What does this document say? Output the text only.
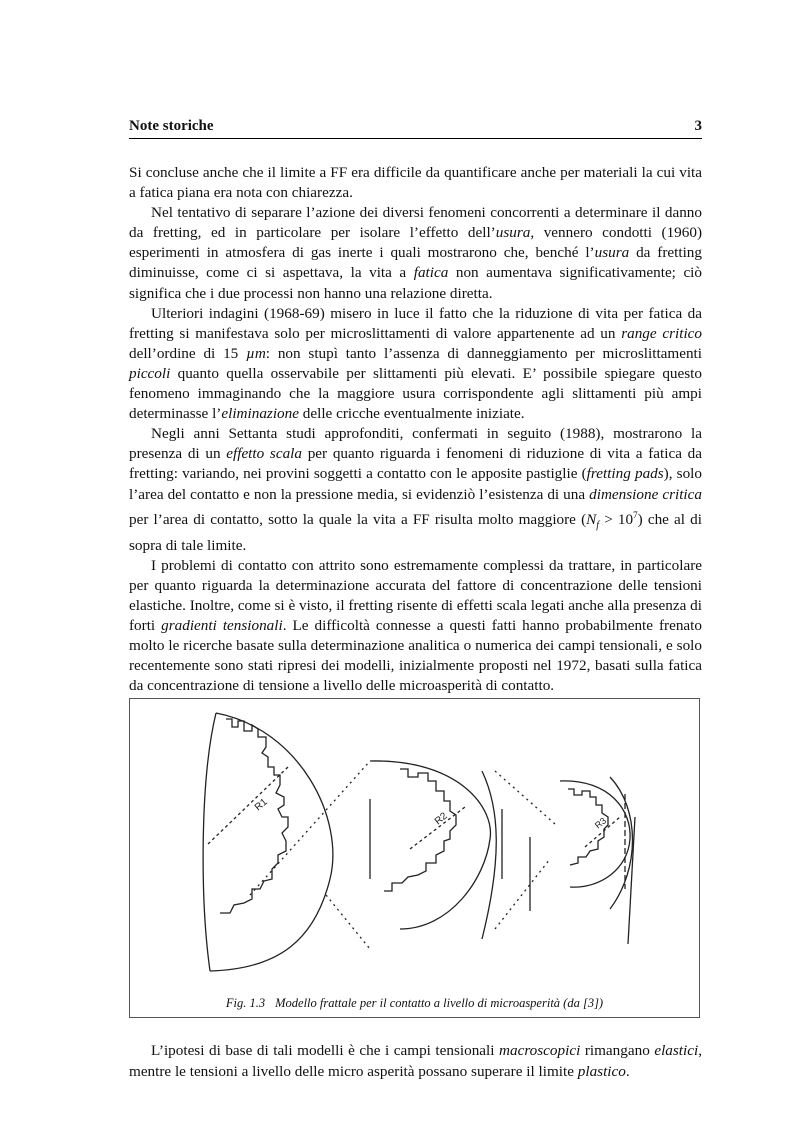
Note storiche	3

Si concluse anche che il limite a FF era difficile da quantificare anche per materiali la cui vita a fatica piana era nota con chiarezza.

Nel tentativo di separare l’azione dei diversi fenomeni concorrenti a determinare il danno da fretting, ed in particolare per isolare l’effetto dell’usura, vennero condotti (1960) esperimenti in atmosfera di gas inerte i quali mostrarono che, benché l’usura da fretting diminuisse, come ci si aspettava, la vita a fatica non aumentava significativamente; ciò significa che i due processi non hanno una relazione diretta.

Ulteriori indagini (1968-69) misero in luce il fatto che la riduzione di vita per fatica da fretting si manifestava solo per microslittamenti di valore appartenente ad un range critico dell’ordine di 15 µm: non stupì tanto l’assenza di danneggiamento per microslittamenti piccoli quanto quella osservabile per slittamenti più elevati. E’ possibile spiegare questo fenomeno immaginando che la maggiore usura corrispondente agli slittamenti più ampi determinasse l’eliminazione delle cricche eventualmente iniziate.

Negli anni Settanta studi approfonditi, confermati in seguito (1988), mostrarono la presenza di un effetto scala per quanto riguarda i fenomeni di riduzione di vita a fatica da fretting: variando, nei provini soggetti a contatto con le apposite pastiglie (fretting pads), solo l’area del contatto e non la pressione media, si evidenziò l’esistenza di una dimensione critica per l’area di contatto, sotto la quale la vita a FF risulta molto maggiore $(N_f > 10^7)$ che al di sopra di tale limite.

I problemi di contatto con attrito sono estremamente complessi da trattare, in particolare per quanto riguarda la determinazione accurata del fattore di concentrazione delle tensioni elastiche. Inoltre, come si è visto, il fretting risente di effetti scala legati anche alla presenza di forti gradienti tensionali. Le difficoltà connesse a questi fatti hanno probabilmente frenato molto le ricerche basate sulla determinazione analitica o numerica dei campi tensionali, e solo recentemente sono stati ripresi dei modelli, inizialmente proposti nel 1972, basati sulla fatica da concentrazione di tensione a livello delle microasperità di contatto.

R1
R2	R3
Fig. 1.3 Modello frattale per il contatto a livello di microasperità (da [3])

L’ipotesi di base di tali modelli è che i campi tensionali macroscopici rimangano elastici, mentre le tensioni a livello delle micro asperità possano superare il limite plastico.
